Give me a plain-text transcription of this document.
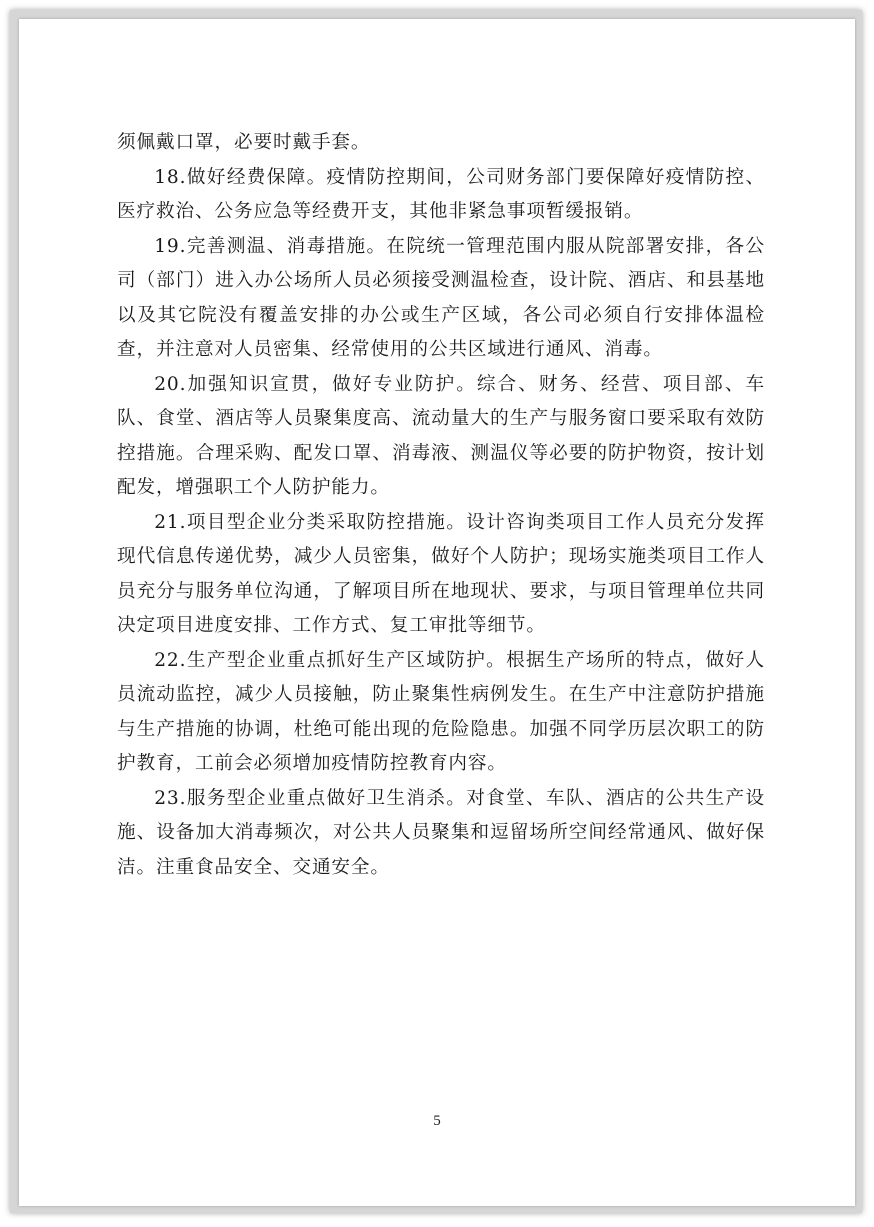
须佩戴口罩，必要时戴手套。

18.做好经费保障。疫情防控期间，公司财务部门要保障好疫情防控、医疗救治、公务应急等经费开支，其他非紧急事项暂缓报销。

19.完善测温、消毒措施。在院统一管理范围内服从院部署安排，各公司（部门）进入办公场所人员必须接受测温检查，设计院、酒店、和县基地以及其它院没有覆盖安排的办公或生产区域，各公司必须自行安排体温检查，并注意对人员密集、经常使用的公共区域进行通风、消毒。

20.加强知识宣贯，做好专业防护。综合、财务、经营、项目部、车队、食堂、酒店等人员聚集度高、流动量大的生产与服务窗口要采取有效防控措施。合理采购、配发口罩、消毒液、测温仪等必要的防护物资，按计划配发，增强职工个人防护能力。

21.项目型企业分类采取防控措施。设计咨询类项目工作人员充分发挥现代信息传递优势，减少人员密集，做好个人防护；现场实施类项目工作人员充分与服务单位沟通，了解项目所在地现状、要求，与项目管理单位共同决定项目进度安排、工作方式、复工审批等细节。

22.生产型企业重点抓好生产区域防护。根据生产场所的特点，做好人员流动监控，减少人员接触，防止聚集性病例发生。在生产中注意防护措施与生产措施的协调，杜绝可能出现的危险隐患。加强不同学历层次职工的防护教育，工前会必须增加疫情防控教育内容。

23.服务型企业重点做好卫生消杀。对食堂、车队、酒店的公共生产设施、设备加大消毒频次，对公共人员聚集和逗留场所空间经常通风、做好保洁。注重食品安全、交通安全。

5
